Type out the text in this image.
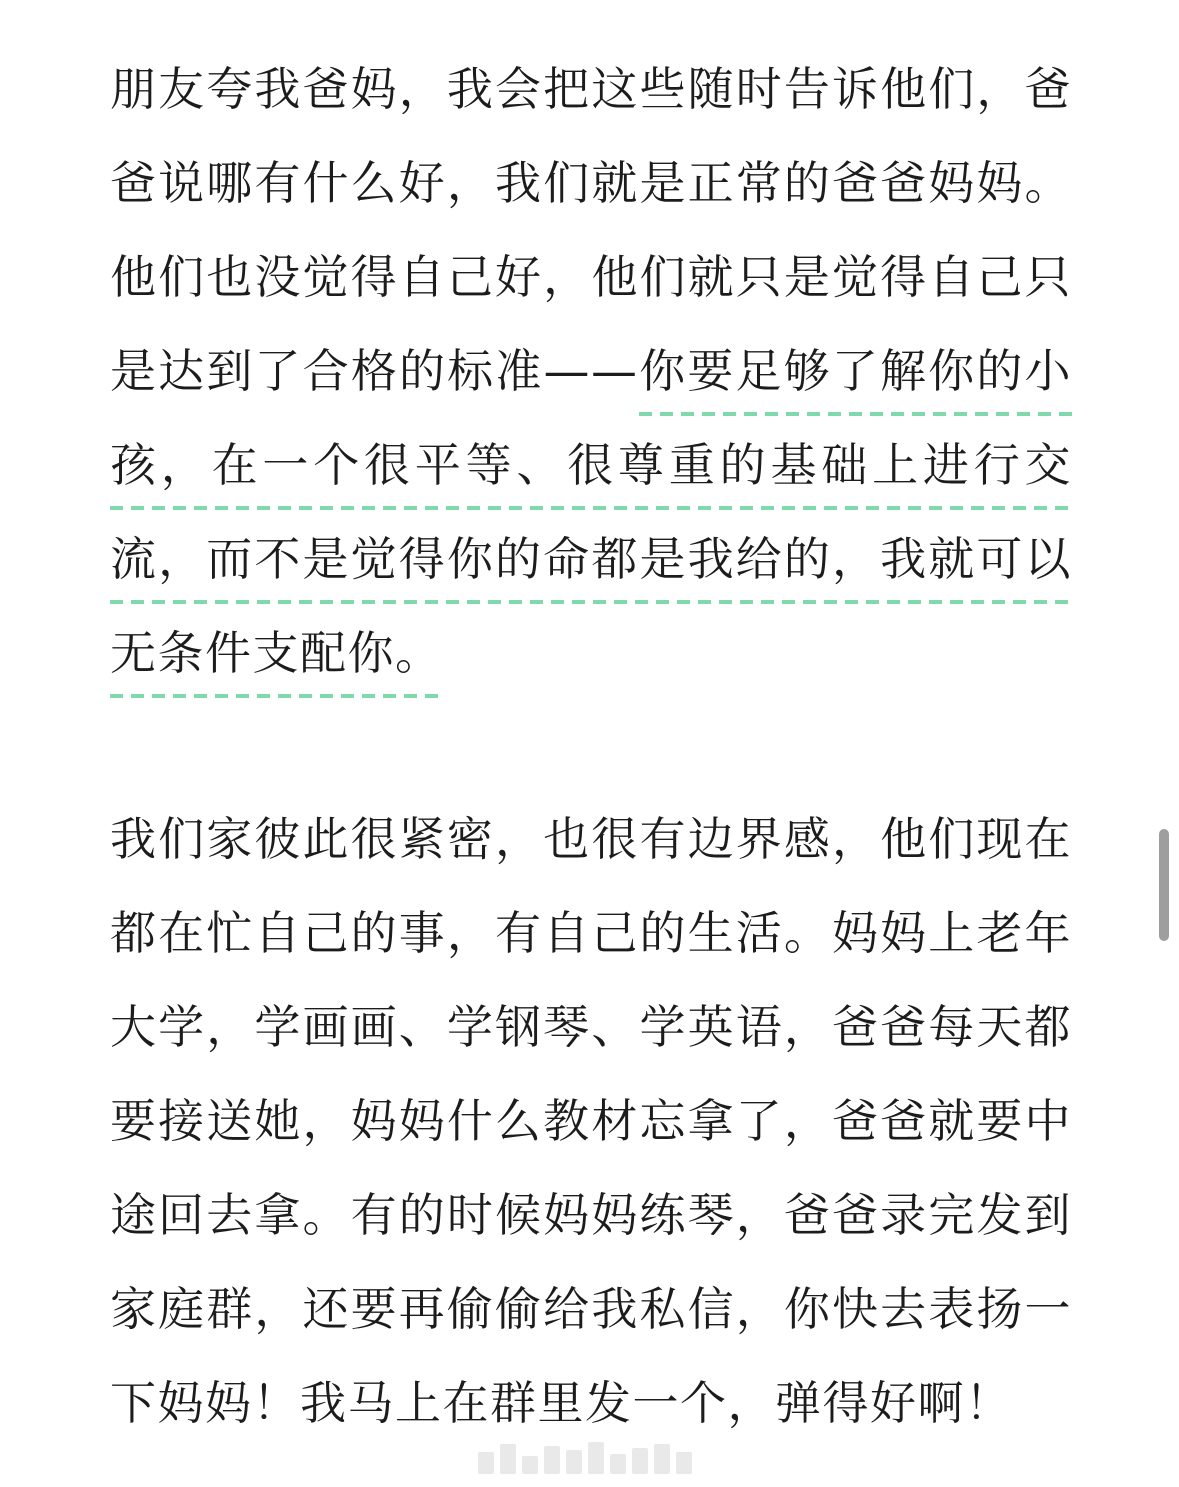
朋友夸我爸妈，我会把这些随时告诉他们，爸爸说哪有什么好，我们就是正常的爸爸妈妈。他们也没觉得自己好，他们就只是觉得自己只是达到了合格的标准——你要足够了解你的小孩，在一个很平等、很尊重的基础上进行交流，而不是觉得你的命都是我给的，我就可以无条件支配你。

我们家彼此很紧密，也很有边界感，他们现在都在忙自己的事，有自己的生活。妈妈上老年大学，学画画、学钢琴、学英语，爸爸每天都要接送她，妈妈什么教材忘拿了，爸爸就要中途回去拿。有的时候妈妈练琴，爸爸录完发到家庭群，还要再偷偷给我私信，你快去表扬一下妈妈！我马上在群里发一个，弹得好啊！
